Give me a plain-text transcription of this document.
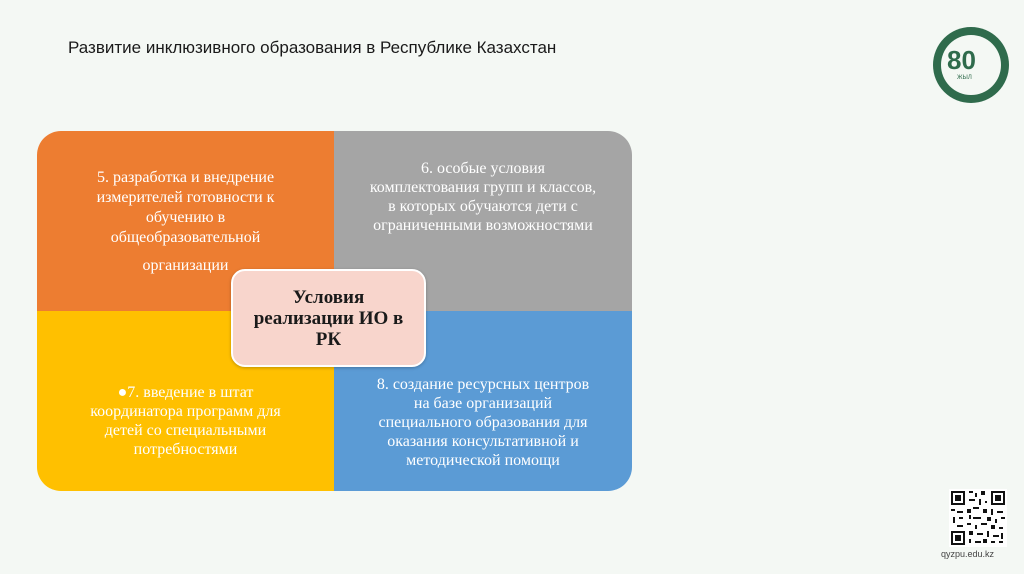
Развитие инклюзивного образования в Республике Казахстан	80
ЖЫЛ

5. разработка и внедрение
измерителей готовности к
обучению в
общеобразовательной

организации

6. особые условия
комплектования групп и классов,
в которых обучаются дети с
ограниченными возможностями
●7. введение в штат
координатора программ для
детей со специальными
потребностями
8. создание ресурсных центров
на базе организаций
специального образования для
оказания консультативной и
методической помощи
Условия
реализации ИО в
РК
qyzpu.edu.kz
